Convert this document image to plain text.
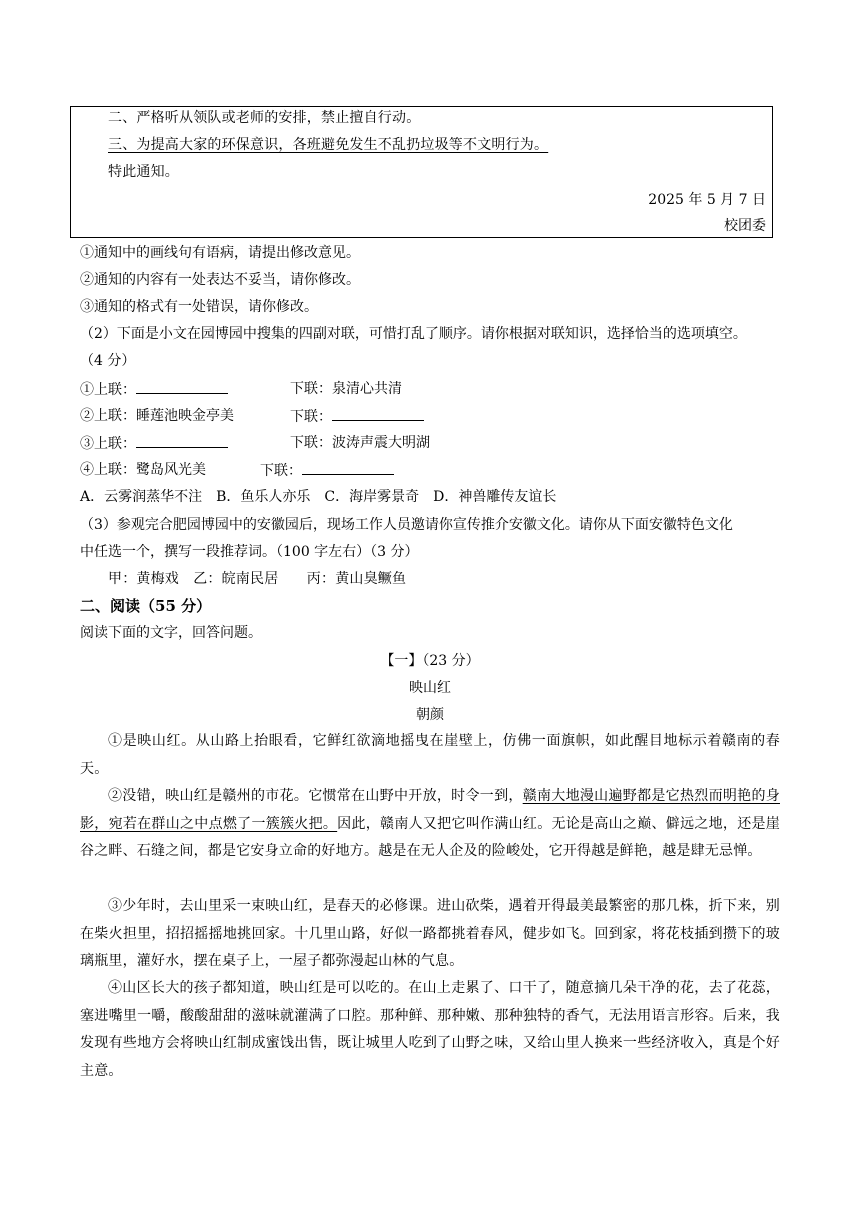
二、严格听从领队或老师的安排，禁止擅自行动。
三、为提高大家的环保意识，各班避免发生不乱扔垃圾等不文明行为。
特此通知。
2025 年 5 月 7 日
校团委
①通知中的画线句有语病，请提出修改意见。
②通知的内容有一处表达不妥当，请你修改。
③通知的格式有一处错误，请你修改。
（2）下面是小文在园博园中搜集的四副对联，可惜打乱了顺序。请你根据对联知识，选择恰当的选项填空。
（4 分）
①上联：	下联：泉清心共清
②上联：睡莲池映金亭美	下联：
③上联：	下联：波涛声震大明湖
④上联：鹭岛风光美	下联：
A．云雾润蒸华不注　B．鱼乐人亦乐　C．海岸雾景奇　D．神兽雕传友谊长
（3）参观完合肥园博园中的安徽园后，现场工作人员邀请你宣传推介安徽文化。请你从下面安徽特色文化
中任选一个，撰写一段推荐词。（100 字左右）（3 分）
甲：黄梅戏　乙：皖南民居　　丙：黄山臭鳜鱼
二、阅读（55 分）
阅读下面的文字，回答问题。
【一】（23 分）
映山红
朝颜
①是映山红。从山路上抬眼看，它鲜红欲滴地摇曳在崖壁上，仿佛一面旗帜，如此醒目地标示着赣南的春天。
②没错，映山红是赣州的市花。它惯常在山野中开放，时令一到，赣南大地漫山遍野都是它热烈而明艳的身影，宛若在群山之中点燃了一簇簇火把。因此，赣南人又把它叫作满山红。无论是高山之巅、僻远之地，还是崖谷之畔、石缝之间，都是它安身立命的好地方。越是在无人企及的险峻处，它开得越是鲜艳，越是肆无忌惮。
③少年时，去山里采一束映山红，是春天的必修课。进山砍柴，遇着开得最美最繁密的那几株，折下来，别在柴火担里，招招摇摇地挑回家。十几里山路，好似一路都挑着春风，健步如飞。回到家，将花枝插到攒下的玻璃瓶里，灌好水，摆在桌子上，一屋子都弥漫起山林的气息。
④山区长大的孩子都知道，映山红是可以吃的。在山上走累了、口干了，随意摘几朵干净的花，去了花蕊，塞进嘴里一嚼，酸酸甜甜的滋味就灌满了口腔。那种鲜、那种嫩、那种独特的香气，无法用语言形容。后来，我发现有些地方会将映山红制成蜜饯出售，既让城里人吃到了山野之味，又给山里人换来一些经济收入，真是个好主意。
